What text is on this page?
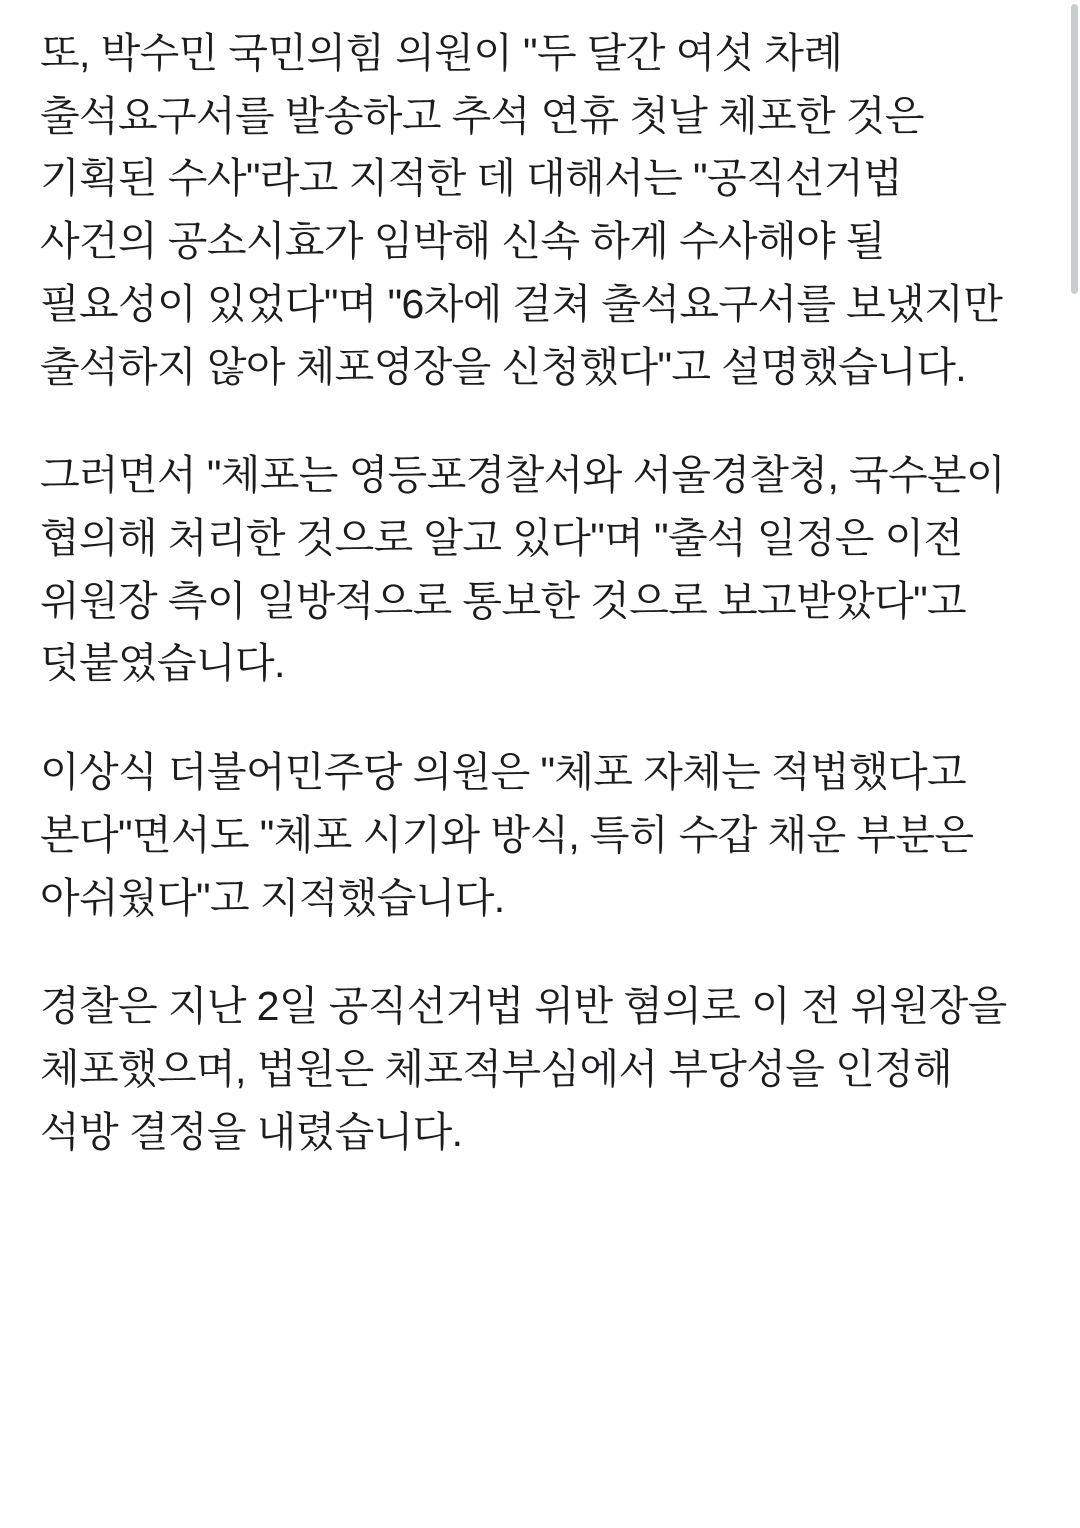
또, 박수민 국민의힘 의원이 "두 달간 여섯 차례 출석요구서를 발송하고 추석 연휴 첫날 체포한 것은 기획된 수사"라고 지적한 데 대해서는 "공직선거법 사건의 공소시효가 임박해 신속 하게 수사해야 될 필요성이 있었다"며 "6차에 걸쳐 출석요구서를 보냈지만 출석하지 않아 체포영장을 신청했다"고 설명했습니다.

그러면서 "체포는 영등포경찰서와 서울경찰청, 국수본이 협의해 처리한 것으로 알고 있다"며 "출석 일정은 이전 위원장 측이 일방적으로 통보한 것으로 보고받았다"고 덧붙였습니다.

이상식 더불어민주당 의원은 "체포 자체는 적법했다고 본다"면서도 "체포 시기와 방식, 특히 수갑 채운 부분은 아쉬웠다"고 지적했습니다.

경찰은 지난 2일 공직선거법 위반 혐의로 이 전 위원장을 체포했으며, 법원은 체포적부심에서 부당성을 인정해 석방 결정을 내렸습니다.
